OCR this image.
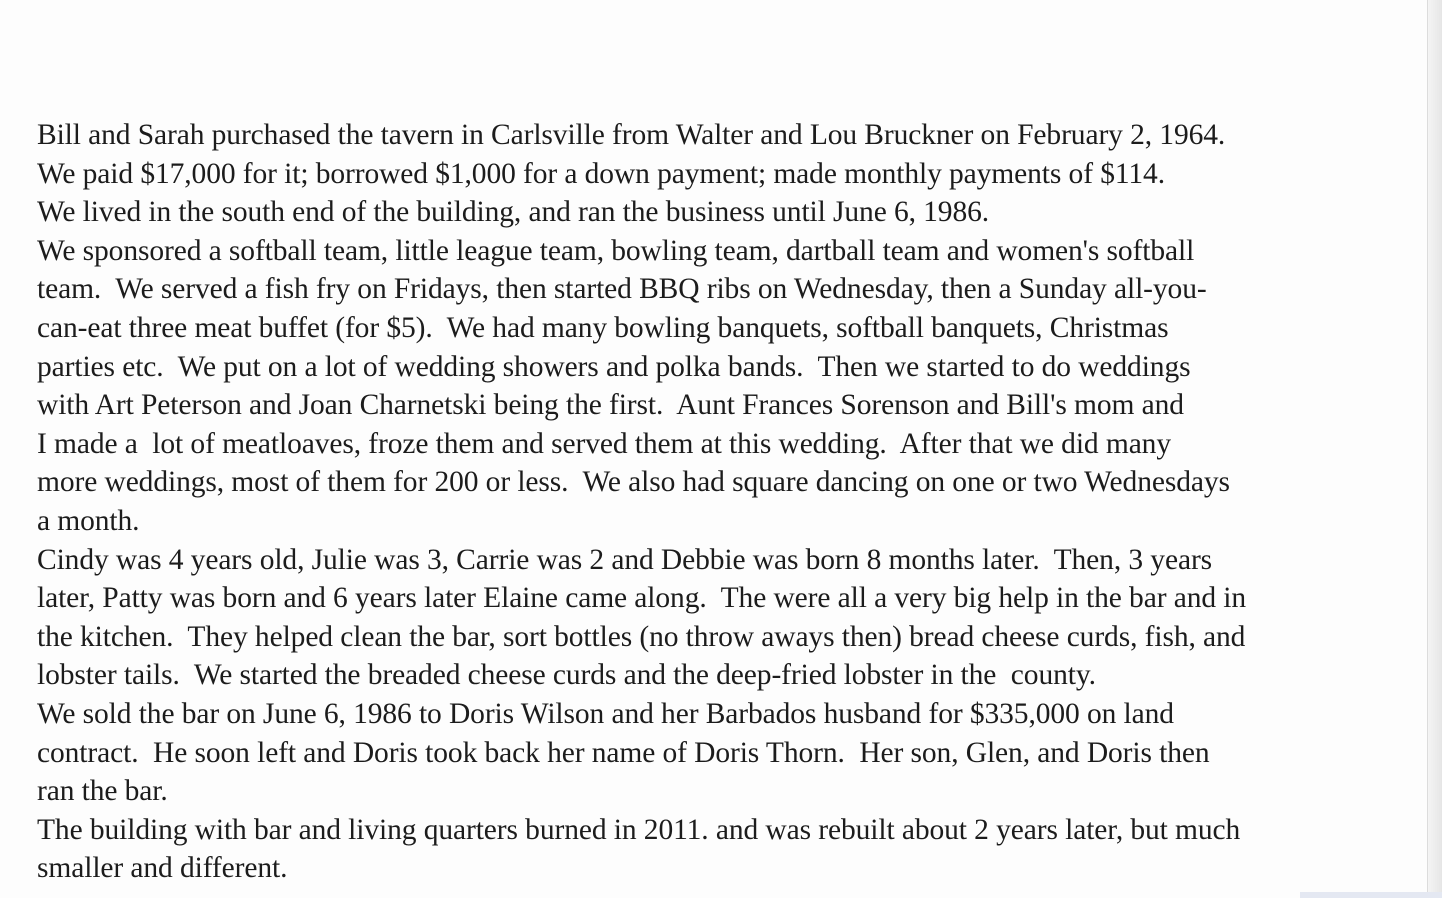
Bill and Sarah purchased the tavern in Carlsville from Walter and Lou Bruckner on February 2, 1964.
We paid $17,000 for it; borrowed $1,000 for a down payment; made monthly payments of $114.
We lived in the south end of the building, and ran the business until June 6, 1986.
We sponsored a softball team, little league team, bowling team, dartball team and women's softball
team.  We served a fish fry on Fridays, then started BBQ ribs on Wednesday, then a Sunday all-you-
can-eat three meat buffet (for $5).  We had many bowling banquets, softball banquets, Christmas
parties etc.  We put on a lot of wedding showers and polka bands.  Then we started to do weddings
with Art Peterson and Joan Charnetski being the first.  Aunt Frances Sorenson and Bill's mom and
I made a  lot of meatloaves, froze them and served them at this wedding.  After that we did many
more weddings, most of them for 200 or less.  We also had square dancing on one or two Wednesdays
a month.
Cindy was 4 years old, Julie was 3, Carrie was 2 and Debbie was born 8 months later.  Then, 3 years
later, Patty was born and 6 years later Elaine came along.  The were all a very big help in the bar and in
the kitchen.  They helped clean the bar, sort bottles (no throw aways then) bread cheese curds, fish, and
lobster tails.  We started the breaded cheese curds and the deep-fried lobster in the  county.
We sold the bar on June 6, 1986 to Doris Wilson and her Barbados husband for $335,000 on land
contract.  He soon left and Doris took back her name of Doris Thorn.  Her son, Glen, and Doris then
ran the bar.
The building with bar and living quarters burned in 2011. and was rebuilt about 2 years later, but much
smaller and different.
